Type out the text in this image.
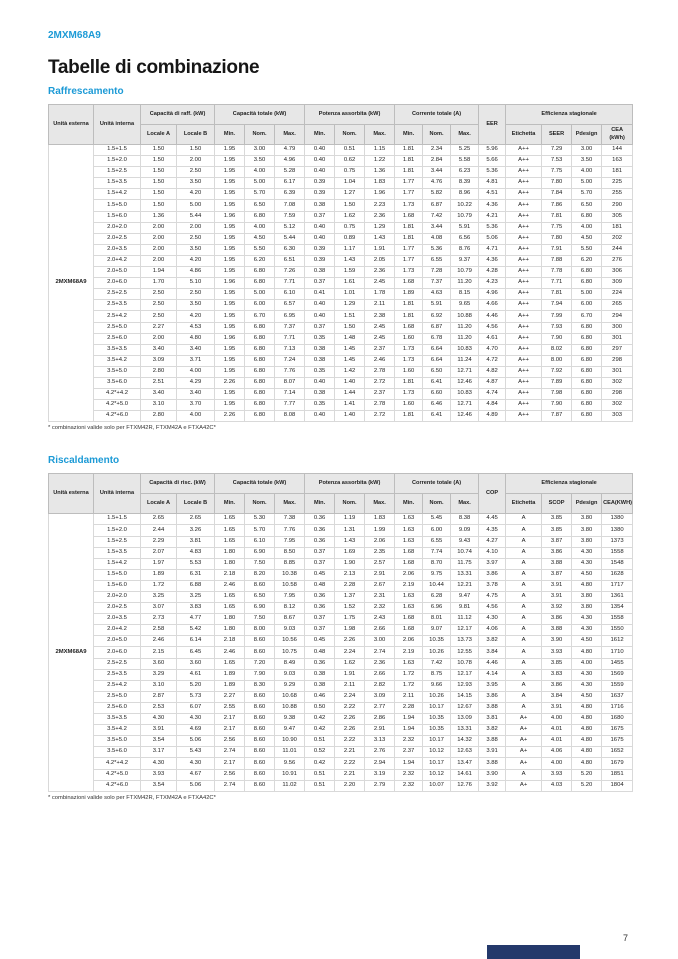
2MXM68A9
Tabelle di combinazione
Raffrescamento
Unità esterna	Unità interna	Capacità di raff. (kW)		Capacità totale (kW)			Potenza assorbita (kW)			Corrente totale (A)			EER	Efficienza stagionale			
		Locale A	Locale B	Min.	Nom.	Max.	Min.	Nom.	Max.	Min.	Nom.	Max.		Etichetta	SEER	Pdesign	CEA (kWh)
2MXM68A9	1.5+1.5	1.50	1.50	1.95	3.00	4.79	0.40	0.51	1.15	1.81	2.34	5.25	5.96	A++	7.29	3.00	144
	1.5+2.0	1.50	2.00	1.95	3.50	4.96	0.40	0.62	1.22	1.81	2.84	5.58	5.66	A++	7.53	3.50	163
	1.5+2.5	1.50	2.50	1.95	4.00	5.28	0.40	0.75	1.36	1.81	3.44	6.23	5.36	A++	7.75	4.00	181
	1.5+3.5	1.50	3.50	1.95	5.00	6.17	0.39	1.04	1.83	1.77	4.76	8.39	4.81	A++	7.80	5.00	225
	1.5+4.2	1.50	4.20	1.95	5.70	6.39	0.39	1.27	1.96	1.77	5.82	8.96	4.51	A++	7.84	5.70	255
	1.5+5.0	1.50	5.00	1.95	6.50	7.08	0.38	1.50	2.23	1.73	6.87	10.22	4.36	A++	7.86	6.50	290
	1.5+6.0	1.36	5.44	1.96	6.80	7.59	0.37	1.62	2.36	1.68	7.42	10.79	4.21	A++	7.81	6.80	305
	2.0+2.0	2.00	2.00	1.95	4.00	5.12	0.40	0.75	1.29	1.81	3.44	5.91	5.36	A++	7.75	4.00	181
	2.0+2.5	2.00	2.50	1.95	4.50	5.44	0.40	0.89	1.43	1.81	4.08	6.56	5.06	A++	7.80	4.50	202
	2.0+3.5	2.00	3.50	1.95	5.50	6.30	0.39	1.17	1.91	1.77	5.36	8.76	4.71	A++	7.91	5.50	244
	2.0+4.2	2.00	4.20	1.95	6.20	6.51	0.39	1.43	2.05	1.77	6.55	9.37	4.36	A++	7.88	6.20	276
	2.0+5.0	1.94	4.86	1.95	6.80	7.26	0.38	1.59	2.36	1.73	7.28	10.79	4.28	A++	7.78	6.80	306
	2.0+6.0	1.70	5.10	1.96	6.80	7.71	0.37	1.61	2.45	1.68	7.37	11.20	4.23	A++	7.71	6.80	309
	2.5+2.5	2.50	2.50	1.95	5.00	6.10	0.41	1.01	1.78	1.89	4.63	8.15	4.96	A++	7.81	5.00	224
	2.5+3.5	2.50	3.50	1.95	6.00	6.57	0.40	1.29	2.11	1.81	5.91	9.65	4.66	A++	7.94	6.00	265
	2.5+4.2	2.50	4.20	1.95	6.70	6.95	0.40	1.51	2.38	1.81	6.92	10.88	4.46	A++	7.99	6.70	294
	2.5+5.0	2.27	4.53	1.95	6.80	7.37	0.37	1.50	2.45	1.68	6.87	11.20	4.56	A++	7.93	6.80	300
	2.5+6.0	2.00	4.80	1.96	6.80	7.71	0.35	1.48	2.45	1.60	6.78	11.20	4.61	A++	7.90	6.80	301
	3.5+3.5	3.40	3.40	1.95	6.80	7.13	0.38	1.45	2.37	1.73	6.64	10.83	4.70	A++	8.02	6.80	297
	3.5+4.2	3.09	3.71	1.95	6.80	7.24	0.38	1.45	2.46	1.73	6.64	11.24	4.72	A++	8.00	6.80	298
	3.5+5.0	2.80	4.00	1.95	6.80	7.76	0.35	1.42	2.78	1.60	6.50	12.71	4.82	A++	7.92	6.80	301
	3.5+6.0	2.51	4.29	2.26	6.80	8.07	0.40	1.40	2.72	1.81	6.41	12.46	4.87	A++	7.89	6.80	302
	4.2*+4.2	3.40	3.40	1.95	6.80	7.14	0.38	1.44	2.37	1.73	6.60	10.83	4.74	A++	7.98	6.80	298
	4.2*+5.0	3.10	3.70	1.95	6.80	7.77	0.35	1.41	2.78	1.60	6.46	12.71	4.84	A++	7.90	6.80	302
	4.2*+6.0	2.80	4.00	2.26	6.80	8.08	0.40	1.40	2.72	1.81	6.41	12.46	4.89	A++	7.87	6.80	303

* combinazioni valide solo per FTXM42R, FTXM42A e FTXA42C*

Riscaldamento
Unità esterna	Unità interna	Capacità di risc. (kW)		Capacità totale (kW)			Potenza assorbita (kW)			Corrente totale (A)			COP	Efficienza stagionale			
		Locale A	Locale B	Min.	Nom.	Max.	Min.	Nom.	Max.	Min.	Nom.	Max.		Etichetta	SCOP	Pdesign	CEA(KWH)
2MXM68A9	1.5+1.5	2.65	2.65	1.65	5.30	7.38	0.36	1.19	1.83	1.63	5.45	8.38	4.45	A	3.85	3.80	1380
	1.5+2.0	2.44	3.26	1.65	5.70	7.76	0.36	1.31	1.99	1.63	6.00	9.09	4.35	A	3.85	3.80	1380
	1.5+2.5	2.29	3.81	1.65	6.10	7.95	0.36	1.43	2.06	1.63	6.55	9.43	4.27	A	3.87	3.80	1373
	1.5+3.5	2.07	4.83	1.80	6.90	8.50	0.37	1.69	2.35	1.68	7.74	10.74	4.10	A	3.86	4.30	1558
	1.5+4.2	1.97	5.53	1.80	7.50	8.85	0.37	1.90	2.57	1.68	8.70	11.75	3.97	A	3.88	4.30	1548
	1.5+5.0	1.89	6.31	2.18	8.20	10.38	0.45	2.13	2.91	2.06	9.75	13.31	3.86	A	3.87	4.50	1628
	1.5+6.0	1.72	6.88	2.46	8.60	10.58	0.48	2.28	2.67	2.19	10.44	12.21	3.78	A	3.91	4.80	1717
	2.0+2.0	3.25	3.25	1.65	6.50	7.95	0.36	1.37	2.31	1.63	6.28	9.47	4.75	A	3.91	3.80	1361
	2.0+2.5	3.07	3.83	1.65	6.90	8.12	0.36	1.52	2.32	1.63	6.96	9.81	4.56	A	3.92	3.80	1354
	2.0+3.5	2.73	4.77	1.80	7.50	8.67	0.37	1.75	2.43	1.68	8.01	11.12	4.30	A	3.86	4.30	1558
	2.0+4.2	2.58	5.42	1.80	8.00	9.03	0.37	1.98	2.66	1.68	9.07	12.17	4.06	A	3.88	4.30	1550
	2.0+5.0	2.46	6.14	2.18	8.60	10.56	0.45	2.26	3.00	2.06	10.35	13.73	3.82	A	3.90	4.50	1612
	2.0+6.0	2.15	6.45	2.46	8.60	10.75	0.48	2.24	2.74	2.19	10.26	12.55	3.84	A	3.93	4.80	1710
	2.5+2.5	3.60	3.60	1.65	7.20	8.49	0.36	1.62	2.36	1.63	7.42	10.78	4.46	A	3.85	4.00	1455
	2.5+3.5	3.29	4.61	1.89	7.90	9.03	0.38	1.91	2.66	1.72	8.75	12.17	4.14	A	3.83	4.30	1569
	2.5+4.2	3.10	5.20	1.89	8.30	9.29	0.38	2.11	2.82	1.72	9.66	12.93	3.95	A	3.86	4.30	1559
	2.5+5.0	2.87	5.73	2.27	8.60	10.68	0.46	2.24	3.09	2.11	10.26	14.15	3.86	A	3.84	4.50	1637
	2.5+6.0	2.53	6.07	2.55	8.60	10.88	0.50	2.22	2.77	2.28	10.17	12.67	3.88	A	3.91	4.80	1716
	3.5+3.5	4.30	4.30	2.17	8.60	9.38	0.42	2.26	2.86	1.94	10.35	13.09	3.81	A+	4.00	4.80	1680
	3.5+4.2	3.91	4.69	2.17	8.60	9.47	0.42	2.26	2.91	1.94	10.35	13.31	3.82	A+	4.01	4.80	1675
	3.5+5.0	3.54	5.06	2.56	8.60	10.90	0.51	2.22	3.13	2.32	10.17	14.32	3.88	A+	4.01	4.80	1675
	3.5+6.0	3.17	5.43	2.74	8.60	11.01	0.52	2.21	2.76	2.37	10.12	12.63	3.91	A+	4.06	4.80	1652
	4.2*+4.2	4.30	4.30	2.17	8.60	9.56	0.42	2.22	2.94	1.94	10.17	13.47	3.88	A+	4.00	4.80	1679
	4.2*+5.0	3.93	4.67	2.56	8.60	10.91	0.51	2.21	3.19	2.32	10.12	14.61	3.90	A	3.93	5.20	1851
	4.2*+6.0	3.54	5.06	2.74	8.60	11.02	0.51	2.20	2.79	2.32	10.07	12.76	3.92	A+	4.03	5.20	1804

* combinazioni valide solo per FTXM42R, FTXM42A e FTXA42C*

7
